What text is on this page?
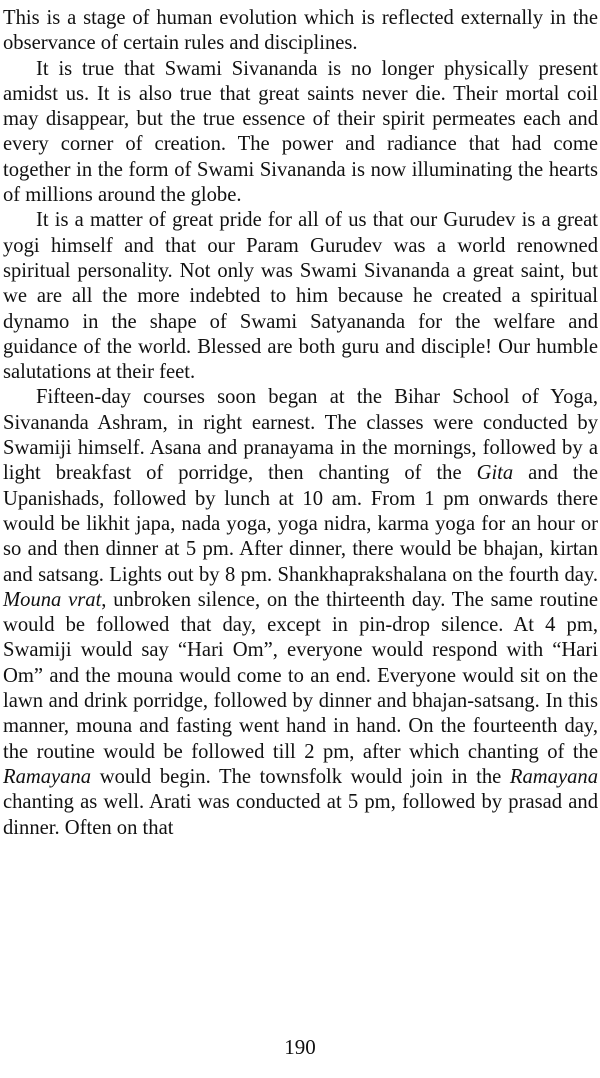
This is a stage of human evolution which is reflected externally in the observance of certain rules and disciplines.

It is true that Swami Sivananda is no longer physically present amidst us. It is also true that great saints never die. Their mortal coil may disappear, but the true essence of their spirit permeates each and every corner of creation. The power and radiance that had come together in the form of Swami Sivananda is now illuminating the hearts of millions around the globe.

It is a matter of great pride for all of us that our Gurudev is a great yogi himself and that our Param Gurudev was a world renowned spiritual personality. Not only was Swami Sivananda a great saint, but we are all the more indebted to him because he created a spiritual dynamo in the shape of Swami Satyananda for the welfare and guidance of the world. Blessed are both guru and disciple! Our humble salutations at their feet.

Fifteen-day courses soon began at the Bihar School of Yoga, Sivananda Ashram, in right earnest. The classes were conducted by Swamiji himself. Asana and pranayama in the mornings, followed by a light breakfast of porridge, then chanting of the Gita and the Upanishads, followed by lunch at 10 am. From 1 pm onwards there would be likhit japa, nada yoga, yoga nidra, karma yoga for an hour or so and then dinner at 5 pm. After dinner, there would be bhajan, kirtan and satsang. Lights out by 8 pm. Shankhaprakshalana on the fourth day. Mouna vrat, unbroken silence, on the thirteenth day. The same routine would be followed that day, except in pin-drop silence. At 4 pm, Swamiji would say “Hari Om”, everyone would respond with “Hari Om” and the mouna would come to an end. Everyone would sit on the lawn and drink porridge, followed by dinner and bhajan-satsang. In this manner, mouna and fasting went hand in hand. On the fourteenth day, the routine would be followed till 2 pm, after which chanting of the Ramayana would begin. The townsfolk would join in the Ramayana chanting as well. Arati was conducted at 5 pm, followed by prasad and dinner. Often on that

190
